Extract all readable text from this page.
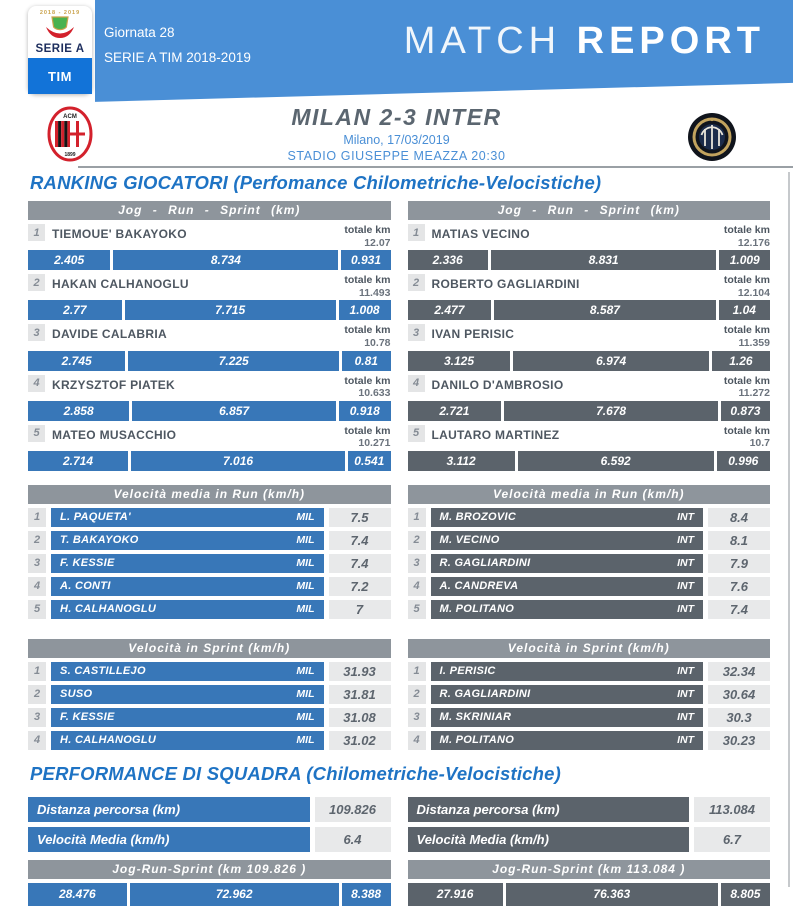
2018 - 2019
SERIE A
TIM
Giornata 28
SERIE A TIM 2018-2019	MATCH REPORT
ACM
1899
MILAN 2-3 INTER
Milano, 17/03/2019
STADIO GIUSEPPE MEAZZA 20:30
RANKING GIOCATORI (Perfomance Chilometriche-Velocistiche)
Jog - Run - Sprint (km)
1	TIEMOUE' BAKAYOKO	totale km
12.07
2.405	8.734	0.931
2	HAKAN CALHANOGLU	totale km
11.493
2.77	7.715	1.008
3	DAVIDE CALABRIA	totale km
10.78
2.745	7.225	0.81
4	KRZYSZTOF PIATEK	totale km
10.633
2.858	6.857	0.918
5	MATEO MUSACCHIO	totale km
10.271
2.714	7.016	0.541
Jog - Run - Sprint (km)
1	MATIAS VECINO	totale km
12.176
2.336	8.831	1.009
2	ROBERTO GAGLIARDINI	totale km
12.104
2.477	8.587	1.04
3	IVAN PERISIC	totale km
11.359
3.125	6.974	1.26
4	DANILO D'AMBROSIO	totale km
11.272
2.721	7.678	0.873
5	LAUTARO MARTINEZ	totale km
10.7
3.112	6.592	0.996
Velocità media in Run (km/h)
1	L. PAQUETA'	MIL	7.5
2	T. BAKAYOKO	MIL	7.4
3	F. KESSIE	MIL	7.4
4	A. CONTI	MIL	7.2
5	H. CALHANOGLU	MIL	7
Velocità media in Run (km/h)
1	M. BROZOVIC	INT	8.4
2	M. VECINO	INT	8.1
3	R. GAGLIARDINI	INT	7.9
4	A. CANDREVA	INT	7.6
5	M. POLITANO	INT	7.4
Velocità in Sprint (km/h)
1	S. CASTILLEJO	MIL	31.93
2	SUSO	MIL	31.81
3	F. KESSIE	MIL	31.08
4	H. CALHANOGLU	MIL	31.02
Velocità in Sprint (km/h)
1	I. PERISIC	INT	32.34
2	R. GAGLIARDINI	INT	30.64
3	M. SKRINIAR	INT	30.3
4	M. POLITANO	INT	30.23
PERFORMANCE DI SQUADRA (Chilometriche-Velocistiche)
Distanza percorsa (km)	109.826
Velocità Media (km/h)	6.4
Jog-Run-Sprint (km 109.826 )
28.476	72.962	8.388
Distanza percorsa (km)	113.084
Velocità Media (km/h)	6.7
Jog-Run-Sprint (km 113.084 )
27.916	76.363	8.805
